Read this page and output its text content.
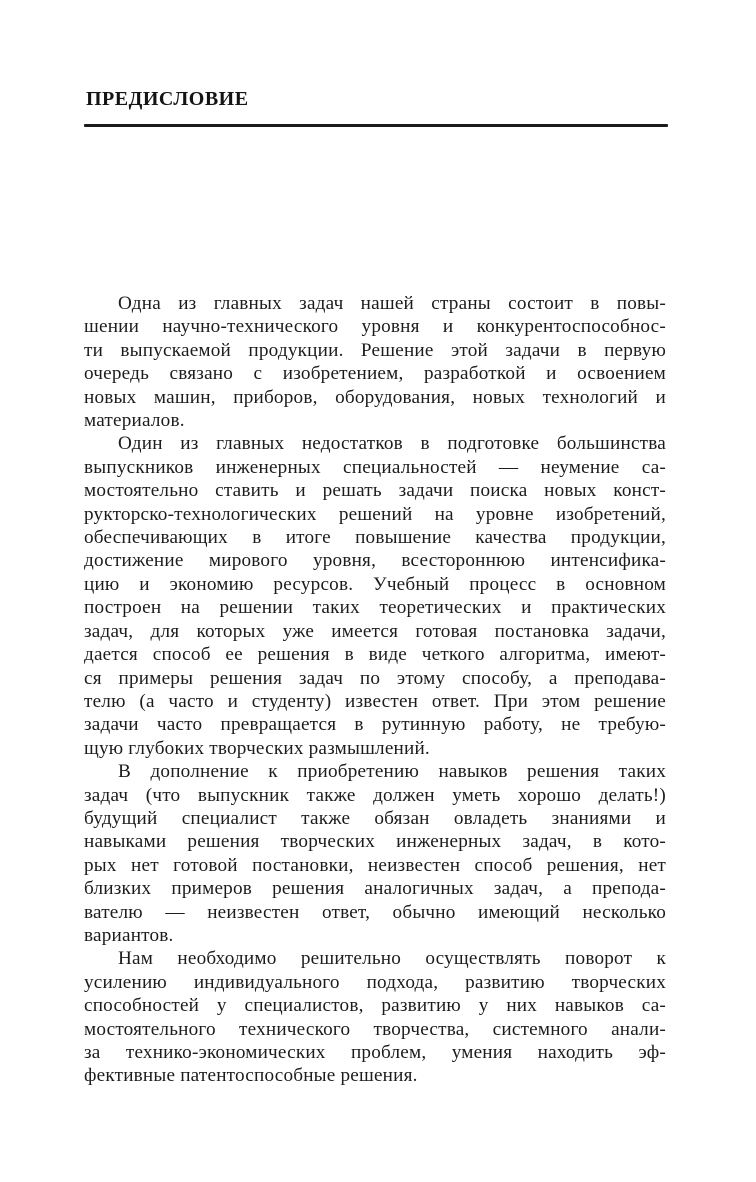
ПРЕДИСЛОВИЕ
Одна из главных задач нашей страны состоит в повы-
шении научно-технического уровня и конкурентоспособнос-
ти выпускаемой продукции. Решение этой задачи в первую
очередь связано с изобретением, разработкой и освоением
новых машин, приборов, оборудования, новых технологий и
материалов.
Один из главных недостатков в подготовке большинства
выпускников инженерных специальностей — неумение са-
мостоятельно ставить и решать задачи поиска новых конст-
рукторско-технологических решений на уровне изобретений,
обеспечивающих в итоге повышение качества продукции,
достижение мирового уровня, всестороннюю интенсифика-
цию и экономию ресурсов. Учебный процесс в основном
построен на решении таких теоретических и практических
задач, для которых уже имеется готовая постановка задачи,
дается способ ее решения в виде четкого алгоритма, имеют-
ся примеры решения задач по этому способу, а преподава-
телю (а часто и студенту) известен ответ. При этом решение
задачи часто превращается в рутинную работу, не требую-
щую глубоких творческих размышлений.
В дополнение к приобретению навыков решения таких
задач (что выпускник также должен уметь хорошо делать!)
будущий специалист также обязан овладеть знаниями и
навыками решения творческих инженерных задач, в кото-
рых нет готовой постановки, неизвестен способ решения, нет
близких примеров решения аналогичных задач, а препода-
вателю — неизвестен ответ, обычно имеющий несколько
вариантов.
Нам необходимо решительно осуществлять поворот к
усилению индивидуального подхода, развитию творческих
способностей у специалистов, развитию у них навыков са-
мостоятельного технического творчества, системного анали-
за технико-экономических проблем, умения находить эф-
фективные патентоспособные решения.
